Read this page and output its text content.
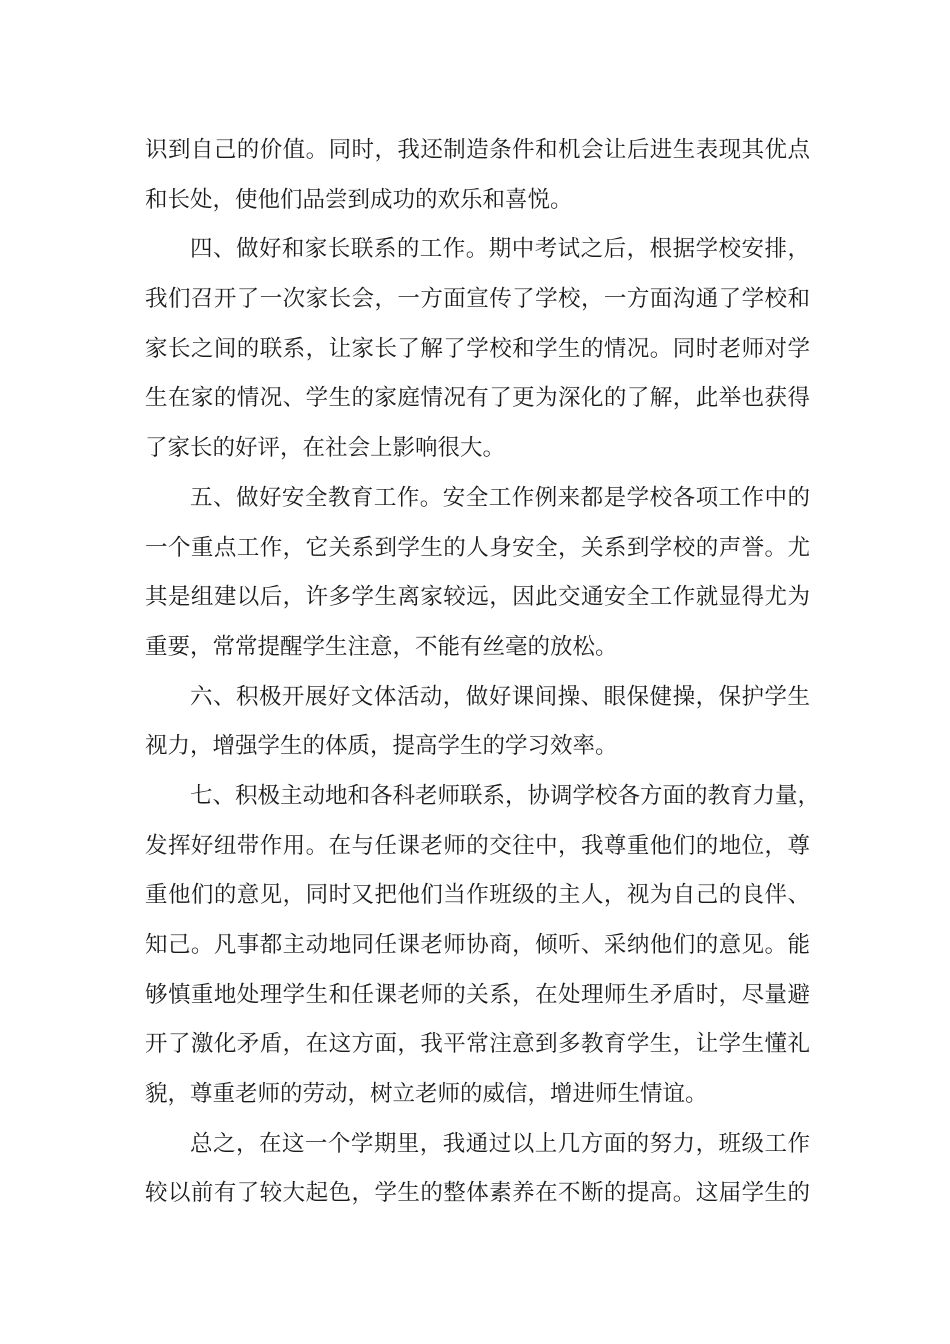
识到自己的价值。同时，我还制造条件和机会让后进生表现其优点
和长处，使他们品尝到成功的欢乐和喜悦。
四、做好和家长联系的工作。期中考试之后，根据学校安排，
我们召开了一次家长会，一方面宣传了学校，一方面沟通了学校和
家长之间的联系，让家长了解了学校和学生的情况。同时老师对学
生在家的情况、学生的家庭情况有了更为深化的了解，此举也获得
了家长的好评，在社会上影响很大。
五、做好安全教育工作。安全工作例来都是学校各项工作中的
一个重点工作，它关系到学生的人身安全，关系到学校的声誉。尤
其是组建以后，许多学生离家较远，因此交通安全工作就显得尤为
重要，常常提醒学生注意，不能有丝毫的放松。
六、积极开展好文体活动，做好课间操、眼保健操，保护学生
视力，增强学生的体质，提高学生的学习效率。
七、积极主动地和各科老师联系，协调学校各方面的教育力量，
发挥好纽带作用。在与任课老师的交往中，我尊重他们的地位，尊
重他们的意见，同时又把他们当作班级的主人，视为自己的良伴、
知己。凡事都主动地同任课老师协商，倾听、采纳他们的意见。能
够慎重地处理学生和任课老师的关系，在处理师生矛盾时，尽量避
开了激化矛盾，在这方面，我平常注意到多教育学生，让学生懂礼
貌，尊重老师的劳动，树立老师的威信，增进师生情谊。
总之，在这一个学期里，我通过以上几方面的努力，班级工作
较以前有了较大起色，学生的整体素养在不断的提高。这届学生的
